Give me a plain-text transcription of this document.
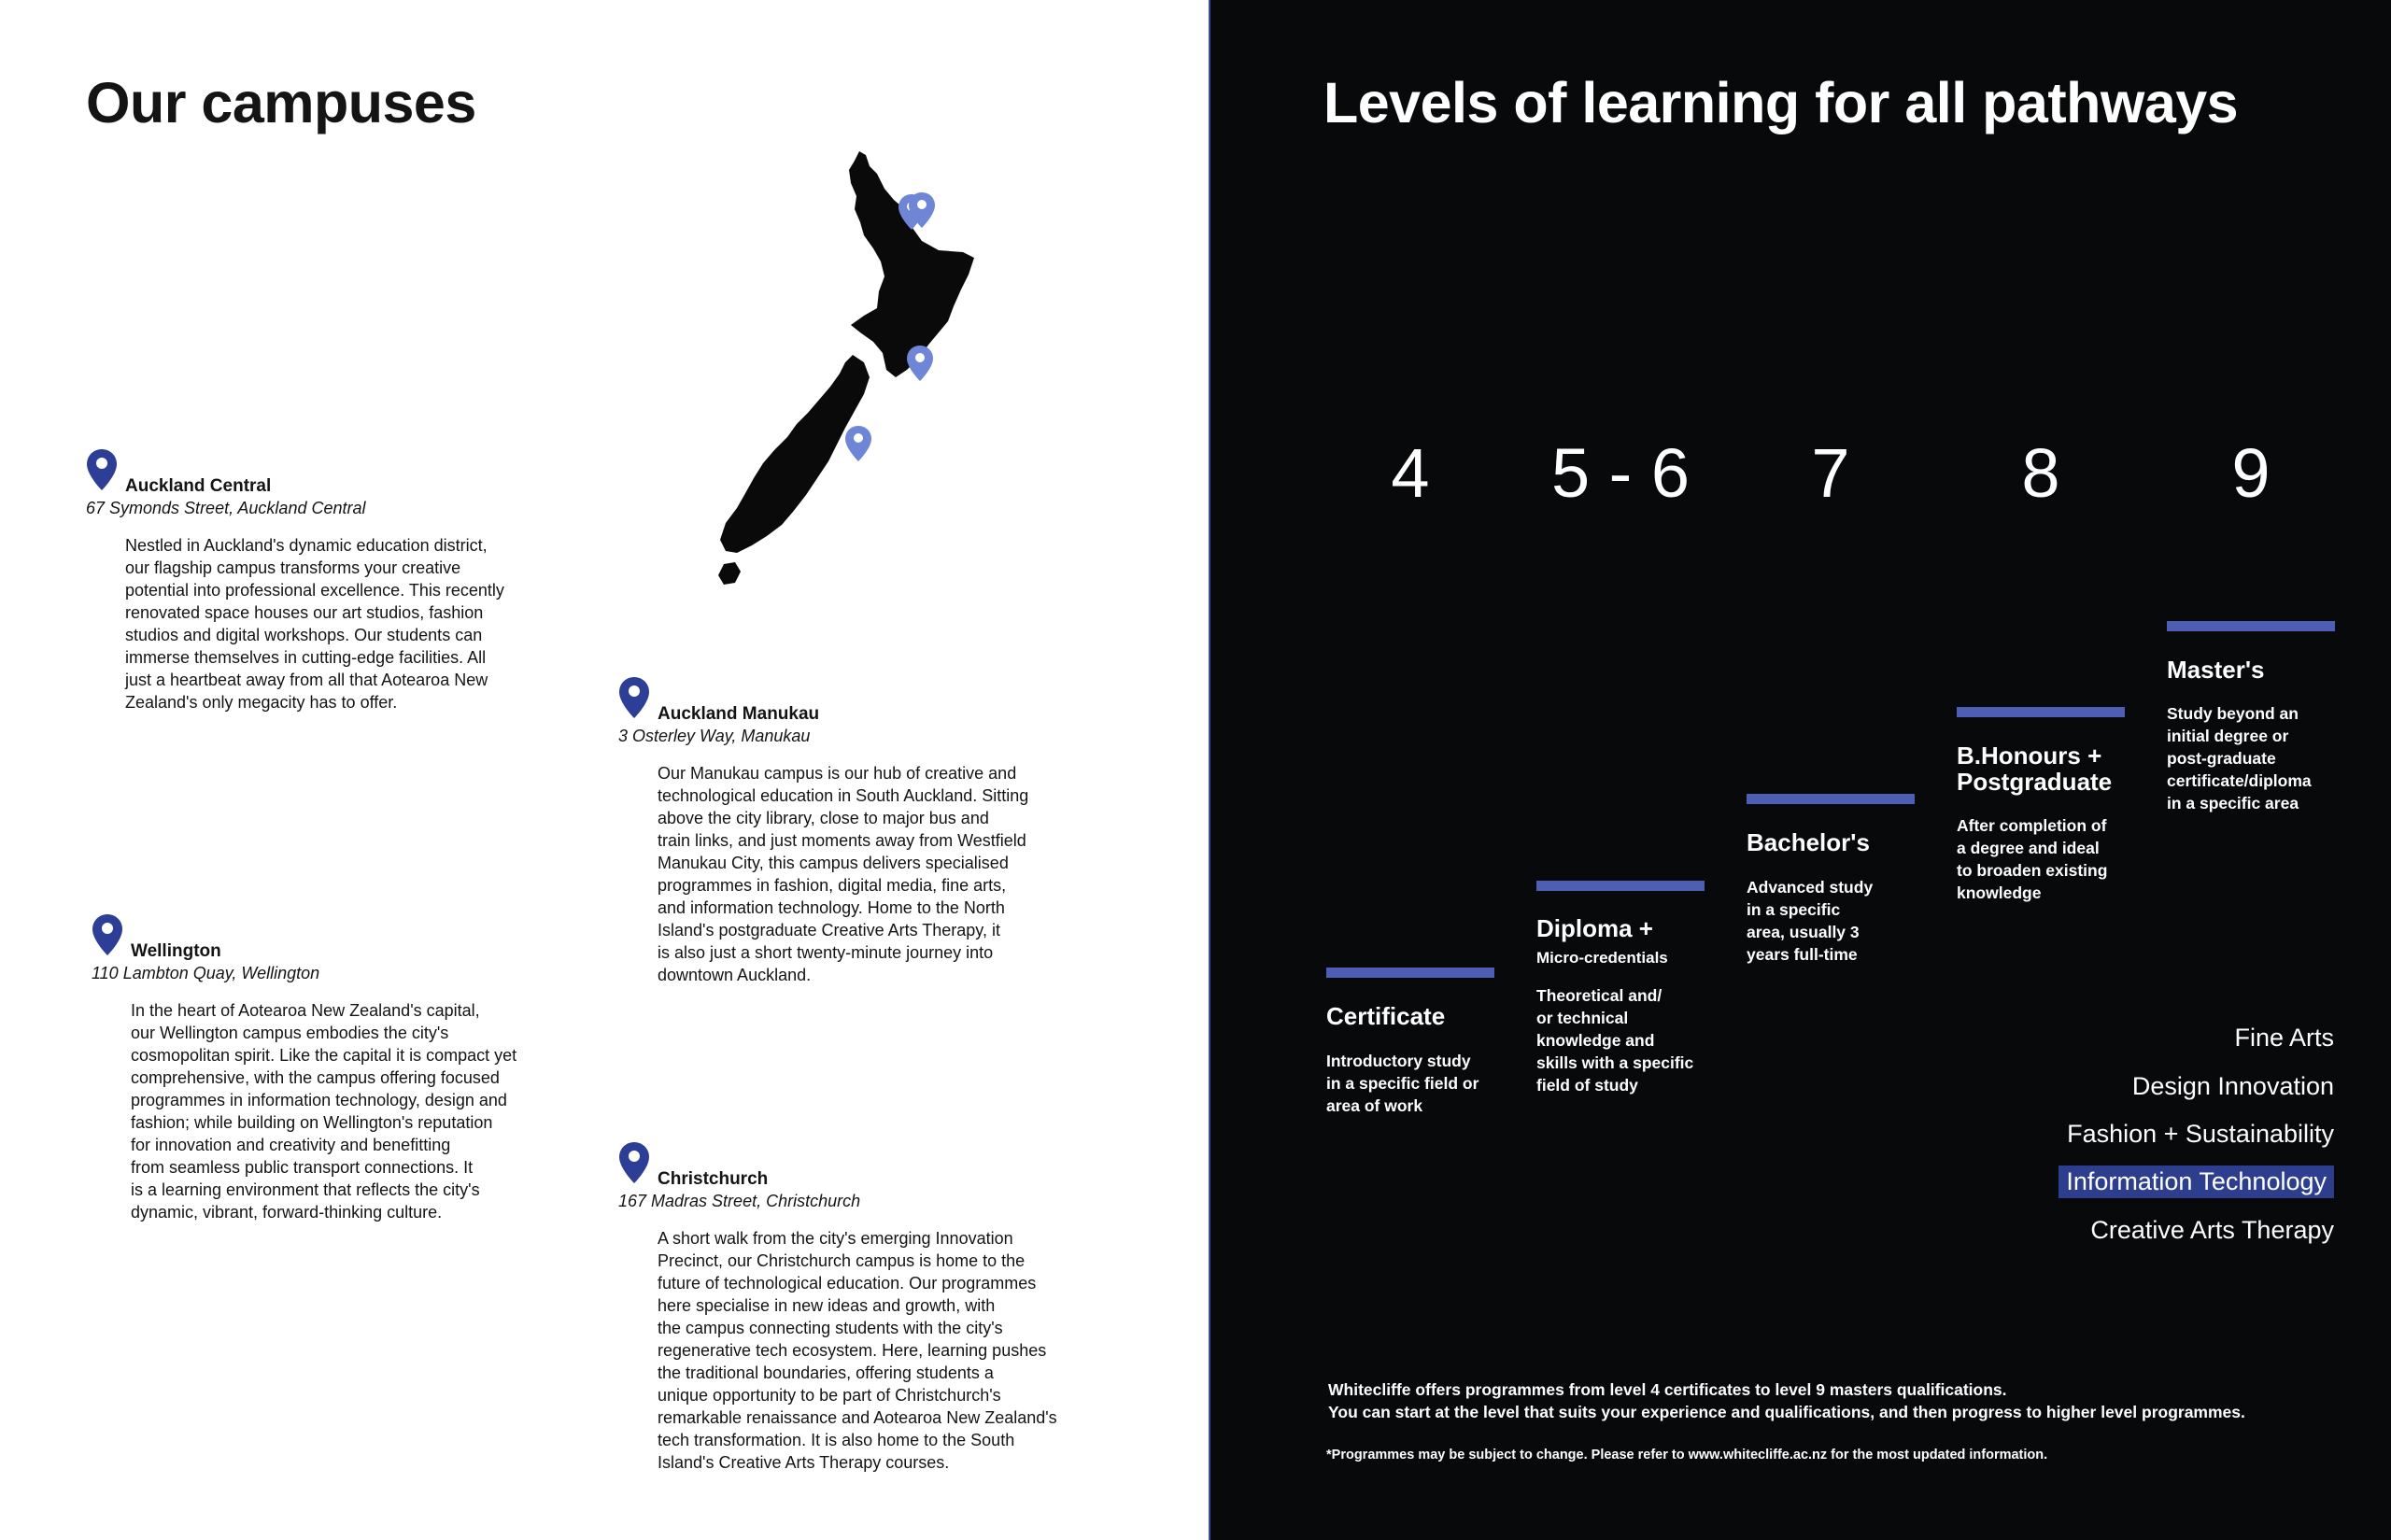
Our campuses
Auckland Central
67 Symonds Street, Auckland Central
Nestled in Auckland's dynamic education district,
our flagship campus transforms your creative
potential into professional excellence. This recently
renovated space houses our art studios, fashion
studios and digital workshops. Our students can
immerse themselves in cutting-edge facilities. All
just a heartbeat away from all that Aotearoa New
Zealand's only megacity has to offer.
Auckland Manukau
3 Osterley Way, Manukau
Our Manukau campus is our hub of creative and
technological education in South Auckland. Sitting
above the city library, close to major bus and
train links, and just moments away from Westfield
Manukau City, this campus delivers specialised
programmes in fashion, digital media, fine arts,
and information technology. Home to the North
Island's postgraduate Creative Arts Therapy, it
is also just a short twenty-minute journey into
downtown Auckland.
Wellington
110 Lambton Quay, Wellington
In the heart of Aotearoa New Zealand's capital,
our Wellington campus embodies the city's
cosmopolitan spirit. Like the capital it is compact yet
comprehensive, with the campus offering focused
programmes in information technology, design and
fashion; while building on Wellington's reputation
for innovation and creativity and benefitting
from seamless public transport connections. It
is a learning environment that reflects the city's
dynamic, vibrant, forward-thinking culture.
Christchurch
167 Madras Street, Christchurch
A short walk from the city's emerging Innovation
Precinct, our Christchurch campus is home to the
future of technological education. Our programmes
here specialise in new ideas and growth, with
the campus connecting students with the city's
regenerative tech ecosystem. Here, learning pushes
the traditional boundaries, offering students a
unique opportunity to be part of Christchurch's
remarkable renaissance and Aotearoa New Zealand's
tech transformation. It is also home to the South
Island's Creative Arts Therapy courses.
Levels of learning for all pathways
4	5 - 6	7	8	9
Certificate
Introductory study
in a specific field or
area of work
Diploma +
Micro-credentials
Theoretical and/
or technical
knowledge and
skills with a specific
field of study
Bachelor's
Advanced study
in a specific
area, usually 3
years full-time
B.Honours +
Postgraduate
After completion of
a degree and ideal
to broaden existing
knowledge
Master's
Study beyond an
initial degree or
post-graduate
certificate/diploma
in a specific area
Fine Arts
Design Innovation
Fashion + Sustainability
Information Technology
Creative Arts Therapy
Whitecliffe offers programmes from level 4 certificates to level 9 masters qualifications.
You can start at the level that suits your experience and qualifications, and then progress to higher level programmes.
*Programmes may be subject to change. Please refer to www.whitecliffe.ac.nz for the most updated information.
